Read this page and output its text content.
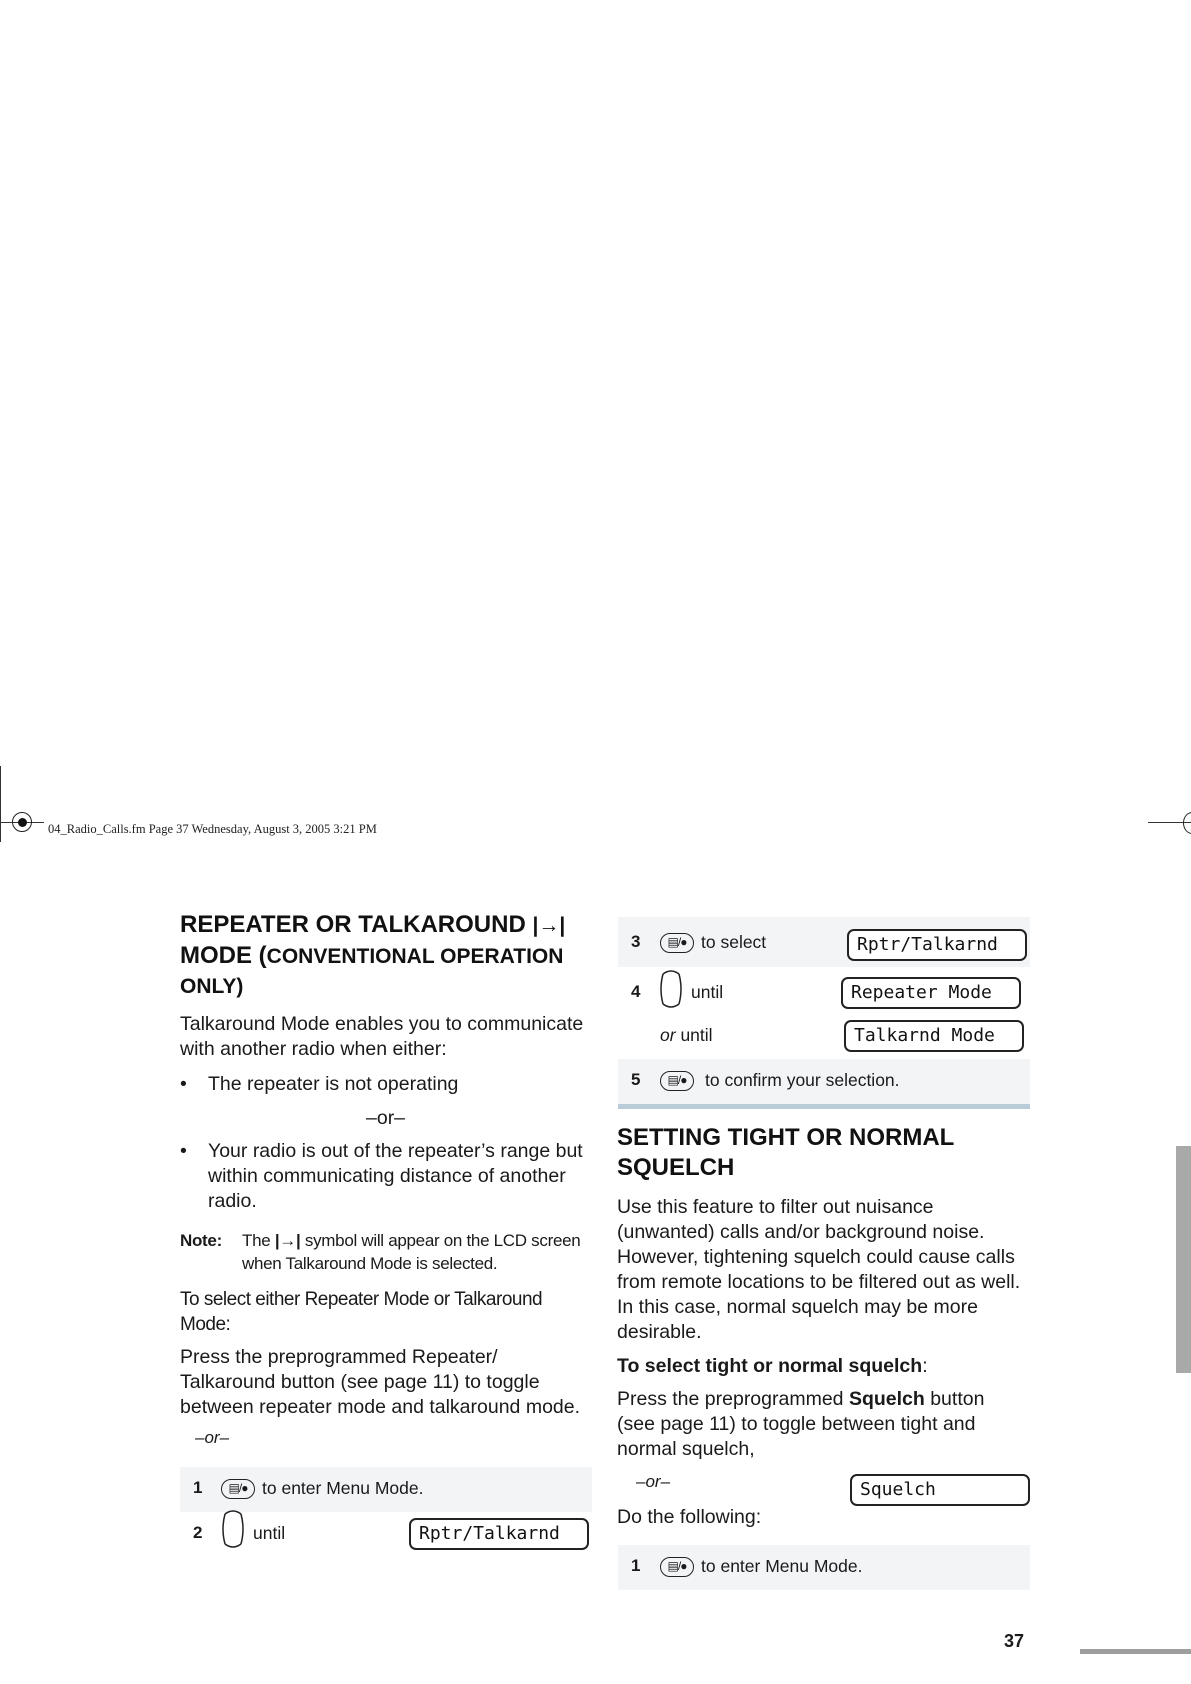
04_Radio_Calls.fm Page 37 Wednesday, August 3, 2005 3:21 PM
REPEATER OR TALKAROUND |→|
MODE (CONVENTIONAL OPERATION
ONLY)
Talkaround Mode enables you to communicate
with another radio when either:
• The repeater is not operating
–or–
• Your radio is out of the repeater’s range but
within communicating distance of another
radio.
Note: The |→| symbol will appear on the LCD screen
when Talkaround Mode is selected.
To select either Repeater Mode or Talkaround
Mode:
Press the preprogrammed Repeater/
Talkaround button (see page 11) to toggle
between repeater mode and talkaround mode.
–or–
1	▤/● to enter Menu Mode.
2	until	Rptr/Talkarnd
3	▤/● to select	Rptr/Talkarnd
4	until	Repeater Mode
or until	Talkarnd Mode
5	▤/●	to confirm your selection.
SETTING TIGHT OR NORMAL
SQUELCH
Use this feature to filter out nuisance
(unwanted) calls and/or background noise.
However, tightening squelch could cause calls
from remote locations to be filtered out as well.
In this case, normal squelch may be more
desirable.
To select tight or normal squelch:
Press the preprogrammed Squelch button
(see page 11) to toggle between tight and
normal squelch,
–or–	Squelch
Do the following:
1	▤/● to enter Menu Mode.
37
